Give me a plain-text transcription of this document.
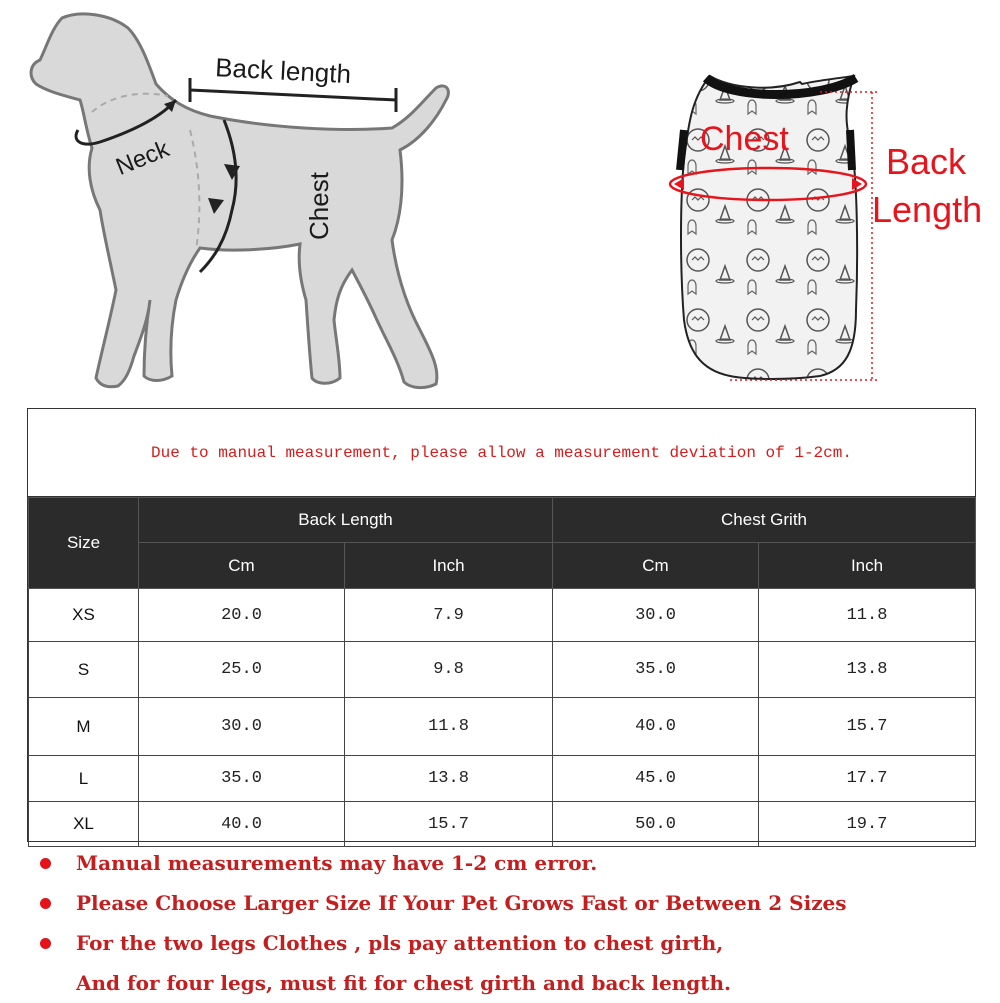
Back length
Neck
Chest
Chest
Back
Length
Due to manual measurement, please allow a measurement deviation of 1-2cm.
Size	Back Length		Chest Grith	
	Cm	Inch	Cm	Inch
XS	20.0	7.9	30.0	11.8
S	25.0	9.8	35.0	13.8
M	30.0	11.8	40.0	15.7
L	35.0	13.8	45.0	17.7
XL	40.0	15.7	50.0	19.7
Manual measurements may have 1-2 cm error.
Please Choose Larger Size If Your Pet Grows Fast or Between 2 Sizes
For the two legs Clothes , pls pay attention to chest girth,
And for four legs, must fit for chest girth and back length.
